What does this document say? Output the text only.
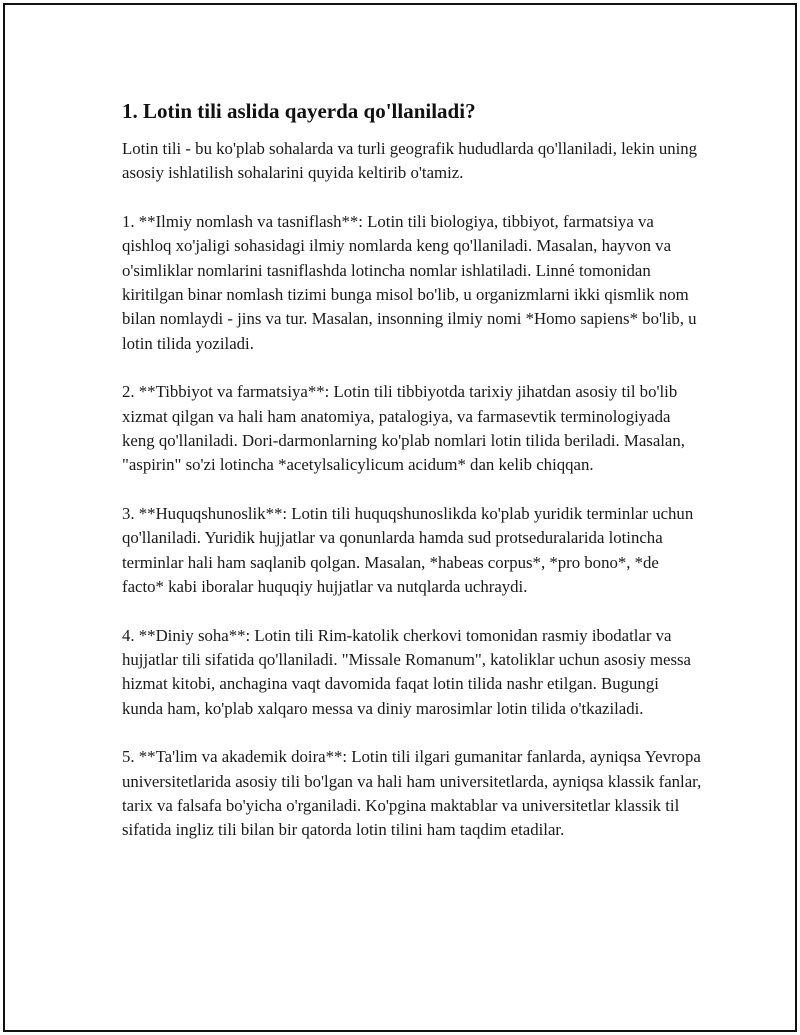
1. Lotin tili aslida qayerda qo'llaniladi?

Lotin tili - bu ko'plab sohalarda va turli geografik hududlarda qo'llaniladi, lekin uning asosiy ishlatilish sohalarini quyida keltirib o'tamiz.

1. **Ilmiy nomlash va tasniflash**: Lotin tili biologiya, tibbiyot, farmatsiya va qishloq xo'jaligi sohasidagi ilmiy nomlarda keng qo'llaniladi. Masalan, hayvon va o'simliklar nomlarini tasniflashda lotincha nomlar ishlatiladi. Linné tomonidan kiritilgan binar nomlash tizimi bunga misol bo'lib, u organizmlarni ikki qismlik nom bilan nomlaydi - jins va tur. Masalan, insonning ilmiy nomi *Homo sapiens* bo'lib, u lotin tilida yoziladi.

2. **Tibbiyot va farmatsiya**: Lotin tili tibbiyotda tarixiy jihatdan asosiy til bo'lib xizmat qilgan va hali ham anatomiya, patalogiya, va farmasevtik terminologiyada keng qo'llaniladi. Dori-darmonlarning ko'plab nomlari lotin tilida beriladi. Masalan, "aspirin" so'zi lotincha *acetylsalicylicum acidum* dan kelib chiqqan.

3. **Huquqshunoslik**: Lotin tili huquqshunoslikda ko'plab yuridik terminlar uchun qo'llaniladi. Yuridik hujjatlar va qonunlarda hamda sud protseduralarida lotincha terminlar hali ham saqlanib qolgan. Masalan, *habeas corpus*, *pro bono*, *de facto* kabi iboralar huquqiy hujjatlar va nutqlarda uchraydi.

4. **Diniy soha**: Lotin tili Rim-katolik cherkovi tomonidan rasmiy ibodatlar va hujjatlar tili sifatida qo'llaniladi. "Missale Romanum", katoliklar uchun asosiy messa hizmat kitobi, anchagina vaqt davomida faqat lotin tilida nashr etilgan. Bugungi kunda ham, ko'plab xalqaro messa va diniy marosimlar lotin tilida o'tkaziladi.

5. **Ta'lim va akademik doira**: Lotin tili ilgari gumanitar fanlarda, ayniqsa Yevropa universitetlarida asosiy tili bo'lgan va hali ham universitetlarda, ayniqsa klassik fanlar, tarix va falsafa bo'yicha o'rganiladi. Ko'pgina maktablar va universitetlar klassik til sifatida ingliz tili bilan bir qatorda lotin tilini ham taqdim etadilar.
